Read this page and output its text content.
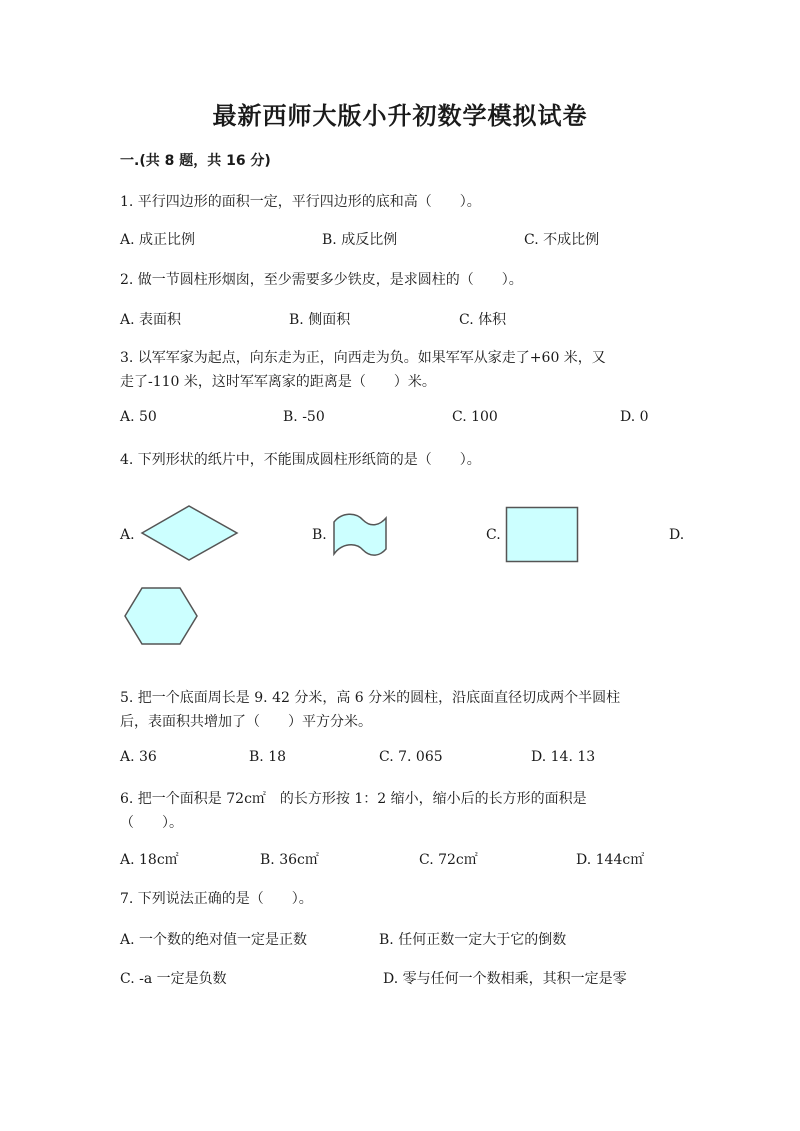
最新西师大版小升初数学模拟试卷
一.(共 8 题，共 16 分)
1. 平行四边形的面积一定，平行四边形的底和高（　　）。
A. 成正比例	B. 成反比例	C. 不成比例
2. 做一节圆柱形烟囱，至少需要多少铁皮，是求圆柱的（　　）。
A. 表面积	B. 侧面积	C. 体积
3. 以军军家为起点，向东走为正，向西走为负。如果军军从家走了+60 米，又
走了-110 米，这时军军离家的距离是（　　）米。
A. 50	B. -50	C. 100	D. 0
4. 下列形状的纸片中，不能围成圆柱形纸筒的是（　　）。
A.	B.	C.	D.
5. 把一个底面周长是 9. 42 分米，高 6 分米的圆柱，沿底面直径切成两个半圆柱
后，表面积共增加了（　　）平方分米。
A. 36	B. 18	C. 7. 065	D. 14. 13
6. 把一个面积是 72c㎡　的长方形按 1：2 缩小，缩小后的长方形的面积是
（　　）。
A. 18c㎡	B. 36c㎡	C. 72c㎡	D. 144c㎡
7. 下列说法正确的是（　　）。
A. 一个数的绝对值一定是正数	B. 任何正数一定大于它的倒数
C. -a 一定是负数	D. 零与任何一个数相乘，其积一定是零
